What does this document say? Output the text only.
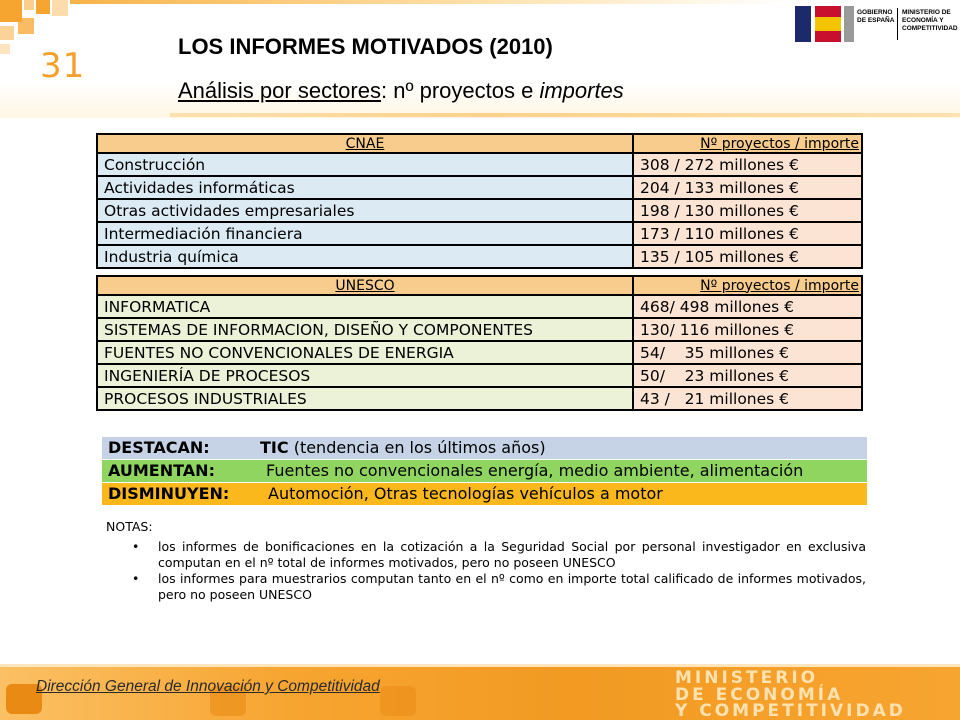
31	LOS INFORMES MOTIVADOS (2010)
Análisis por sectores: nº proyectos e importes
GOBIERNO DE ESPAÑA
MINISTERIO DE ECONOMÍA Y COMPETITIVIDAD
CNAE	Nº proyectos / importe
Construcción	308 / 272 millones €
Actividades informáticas	204 / 133 millones €
Otras actividades empresariales	198 / 130 millones €
Intermediación financiera	173 / 110 millones €
Industria química	135 / 105 millones €

UNESCO	Nº proyectos / importe
INFORMATICA	468/ 498 millones €
SISTEMAS DE INFORMACION, DISEÑO Y COMPONENTES	130/ 116 millones €
FUENTES NO CONVENCIONALES DE ENERGIA	54/    35 millones €
INGENIERÍA DE PROCESOS	50/    23 millones €
PROCESOS INDUSTRIALES	43 /   21 millones €
DESTACAN:	TIC (tendencia en los últimos años)
AUMENTAN:	Fuentes no convencionales energía, medio ambiente, alimentación
DISMINUYEN: Automoción, Otras tecnologías vehículos a motor
NOTAS:
• los informes de bonificaciones en la cotización a la Seguridad Social por personal investigador en exclusiva computan en el nº total de informes motivados, pero no poseen UNESCO
• los informes para muestrarios computan tanto en el nº como en importe total calificado de informes motivados, pero no poseen UNESCO
Dirección General de Innovación y Competitividad	MINISTERIO
DE ECONOMÍA
Y COMPETITIVIDAD
